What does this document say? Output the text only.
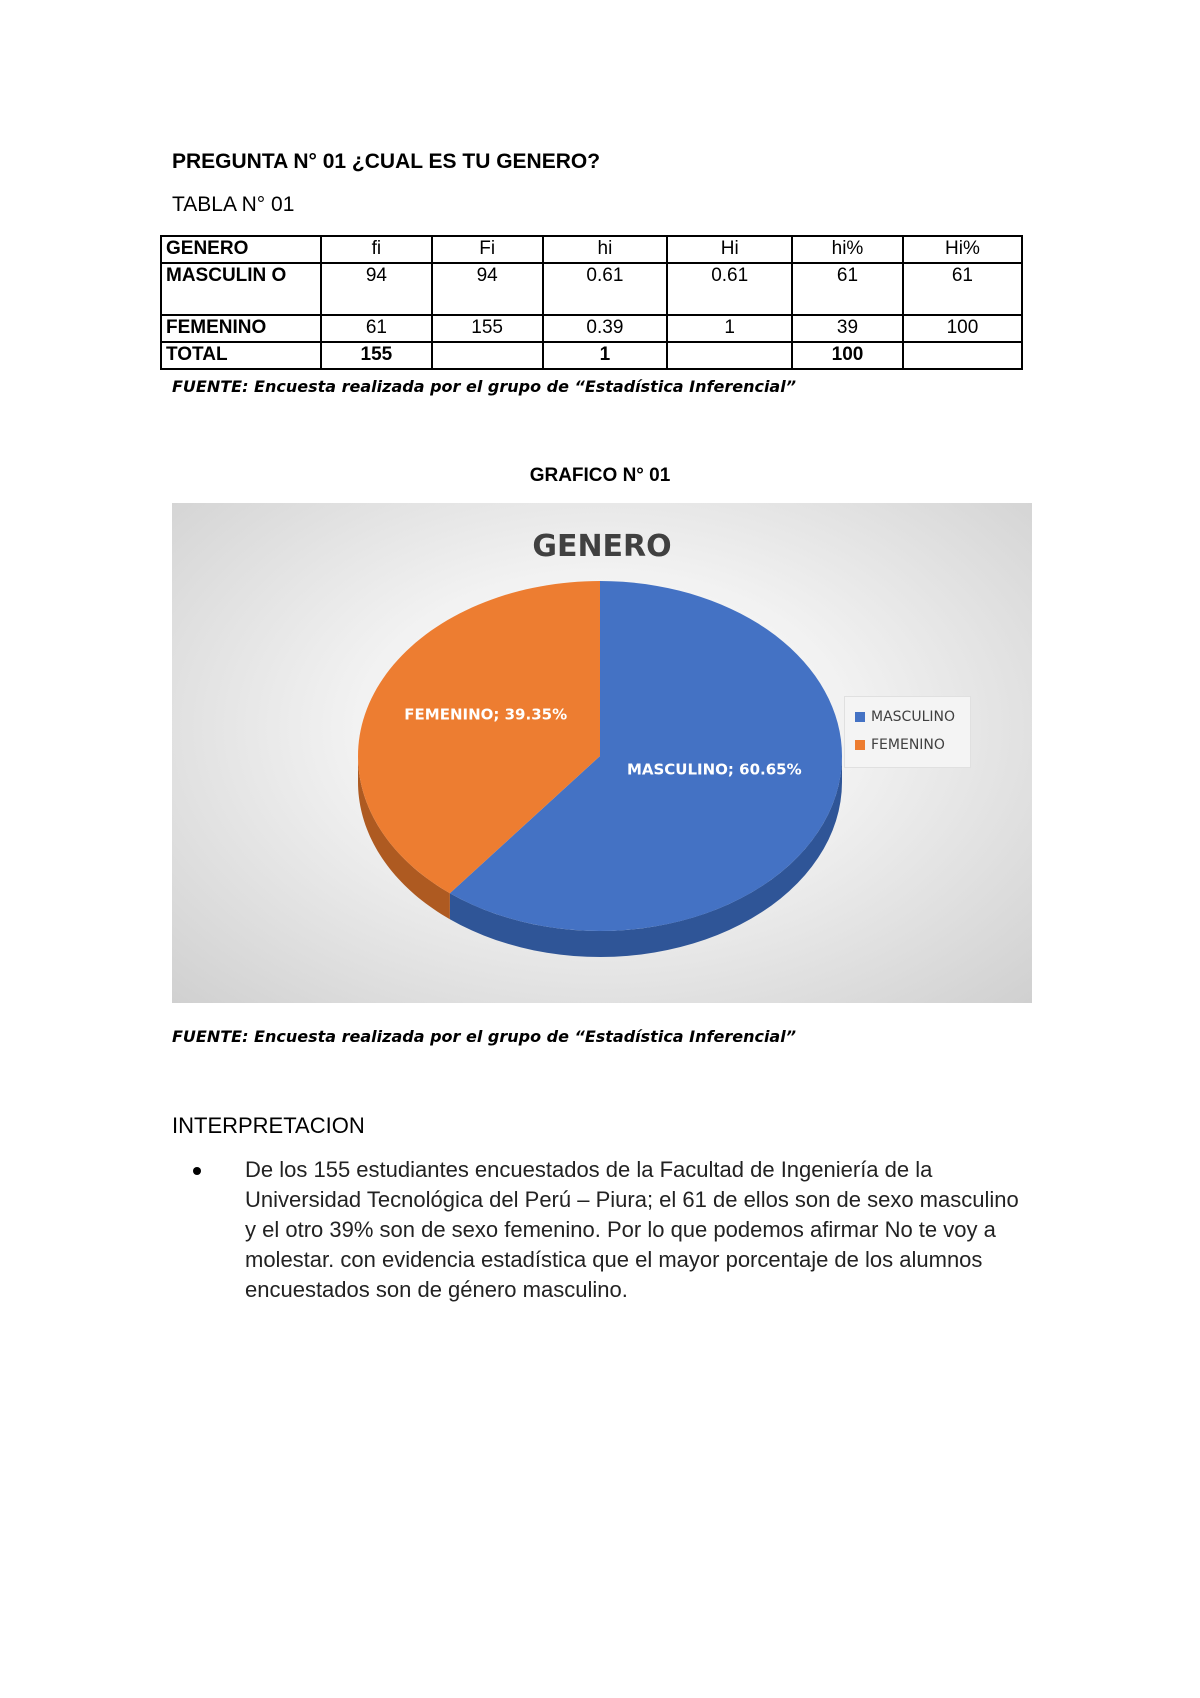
PREGUNTA N° 01 ¿CUAL ES TU GENERO?
TABLA N° 01
GENERO	fi	Fi	hi	Hi	hi%	Hi%
MASCULIN O	94	94	0.61	0.61	61	61
FEMENINO	61	155	0.39	1	39	100
TOTAL	155		1		100	
FUENTE: Encuesta realizada por el grupo de “Estadística Inferencial”
GRAFICO N° 01
GENERO
MASCULINO; 60.65%
FEMENINO; 39.35%	MASCULINO
FEMENINO
FUENTE: Encuesta realizada por el grupo de “Estadística Inferencial”
INTERPRETACION
De los 155 estudiantes encuestados de la Facultad de Ingeniería de la Universidad Tecnológica del Perú – Piura; el 61 de ellos son de sexo masculino y el otro 39% son de sexo femenino. Por lo que podemos afirmar No te voy a molestar. con evidencia estadística que el mayor porcentaje de los alumnos encuestados son de género masculino.
